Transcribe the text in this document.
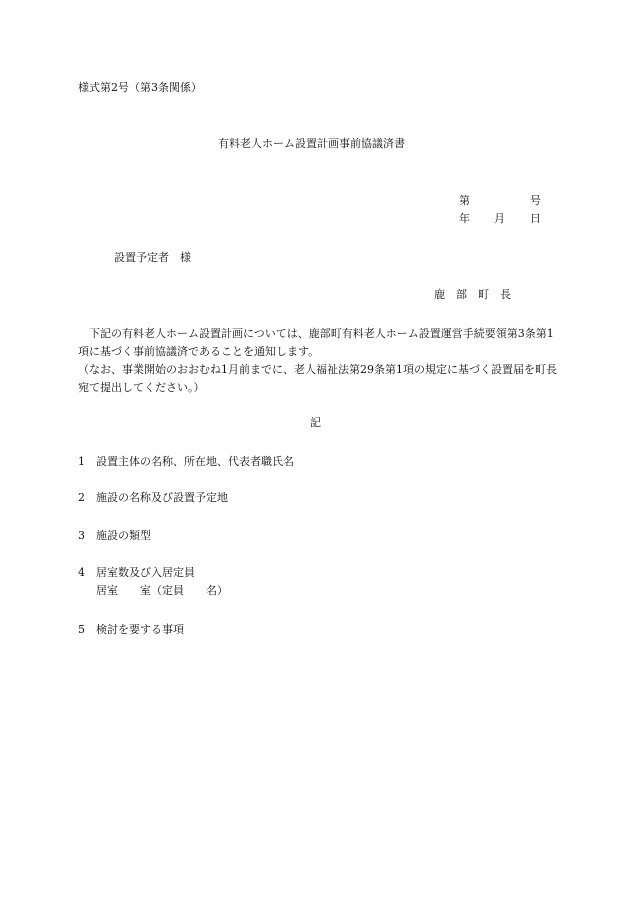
様式第2号（第3条関係）
有料老人ホーム設置計画事前協議済書
第	号
年 月 日
設置予定者　様
鹿　部　町　長

　下記の有料老人ホーム設置計画については、鹿部町有料老人ホーム設置運営手続要領第3条第1項に基づく事前協議済であることを通知します。

（なお、事業開始のおおむね1月前までに、老人福祉法第29条第1項の規定に基づく設置届を町長宛て提出してください。）

記
1 設置主体の名称、所在地、代表者職氏名
2 施設の名称及び設置予定地
3 施設の類型
4 居室数及び入居定員
居室　　室（定員　　名）
5 検討を要する事項
